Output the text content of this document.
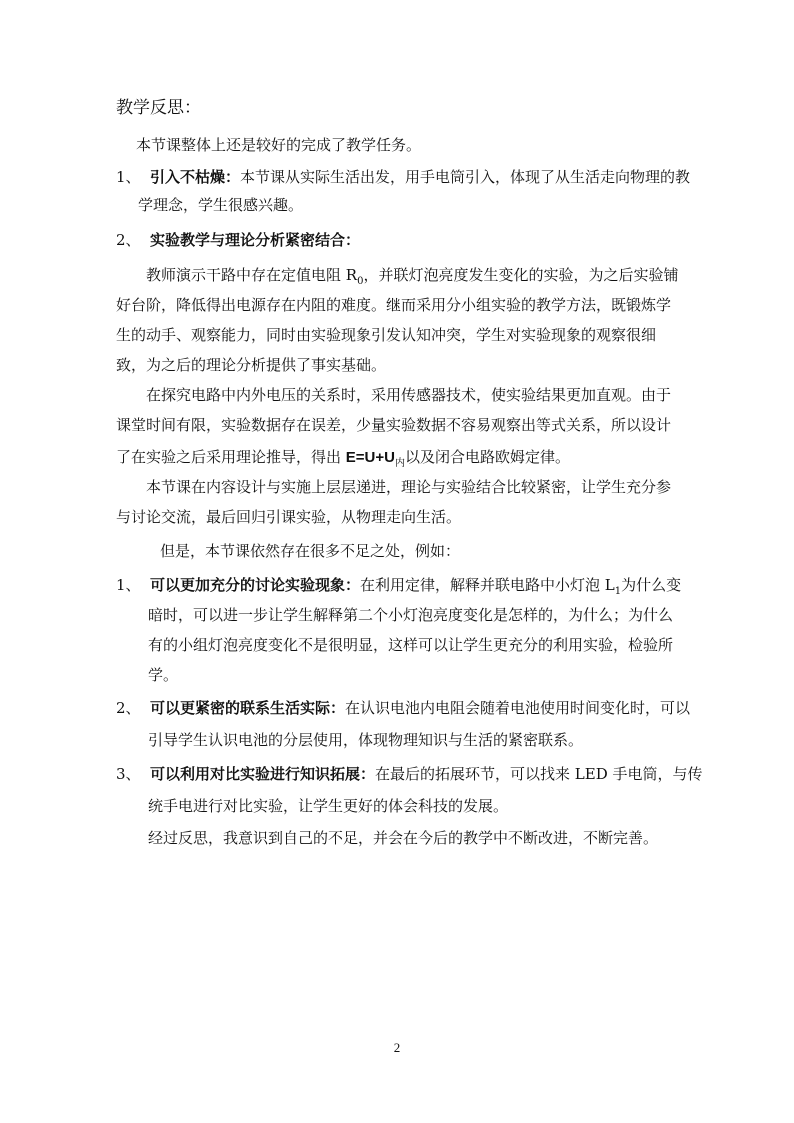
教学反思：
本节课整体上还是较好的完成了教学任务。
1、 引入不枯燥：本节课从实际生活出发，用手电筒引入，体现了从生活走向物理的教
学理念，学生很感兴趣。
2、 实验教学与理论分析紧密结合：
教师演示干路中存在定值电阻 $R_0$，并联灯泡亮度发生变化的实验，为之后实验铺
好台阶，降低得出电源存在内阻的难度。继而采用分小组实验的教学方法，既锻炼学
生的动手、观察能力，同时由实验现象引发认知冲突，学生对实验现象的观察很细
致，为之后的理论分析提供了事实基础。
在探究电路中内外电压的关系时，采用传感器技术，使实验结果更加直观。由于
课堂时间有限，实验数据存在误差，少量实验数据不容易观察出等式关系，所以设计
了在实验之后采用理论推导，得出 $E=U+U_内$以及闭合电路欧姆定律。
本节课在内容设计与实施上层层递进，理论与实验结合比较紧密，让学生充分参
与讨论交流，最后回归引课实验，从物理走向生活。
但是，本节课依然存在很多不足之处，例如：
1、 可以更加充分的讨论实验现象：在利用定律，解释并联电路中小灯泡 $L_1$为什么变
暗时，可以进一步让学生解释第二个小灯泡亮度变化是怎样的，为什么；为什么
有的小组灯泡亮度变化不是很明显，这样可以让学生更充分的利用实验，检验所
学。
2、 可以更紧密的联系生活实际：在认识电池内电阻会随着电池使用时间变化时，可以
引导学生认识电池的分层使用，体现物理知识与生活的紧密联系。
3、 可以利用对比实验进行知识拓展：在最后的拓展环节，可以找来 LED 手电筒，与传
统手电进行对比实验，让学生更好的体会科技的发展。
经过反思，我意识到自己的不足，并会在今后的教学中不断改进，不断完善。
2
